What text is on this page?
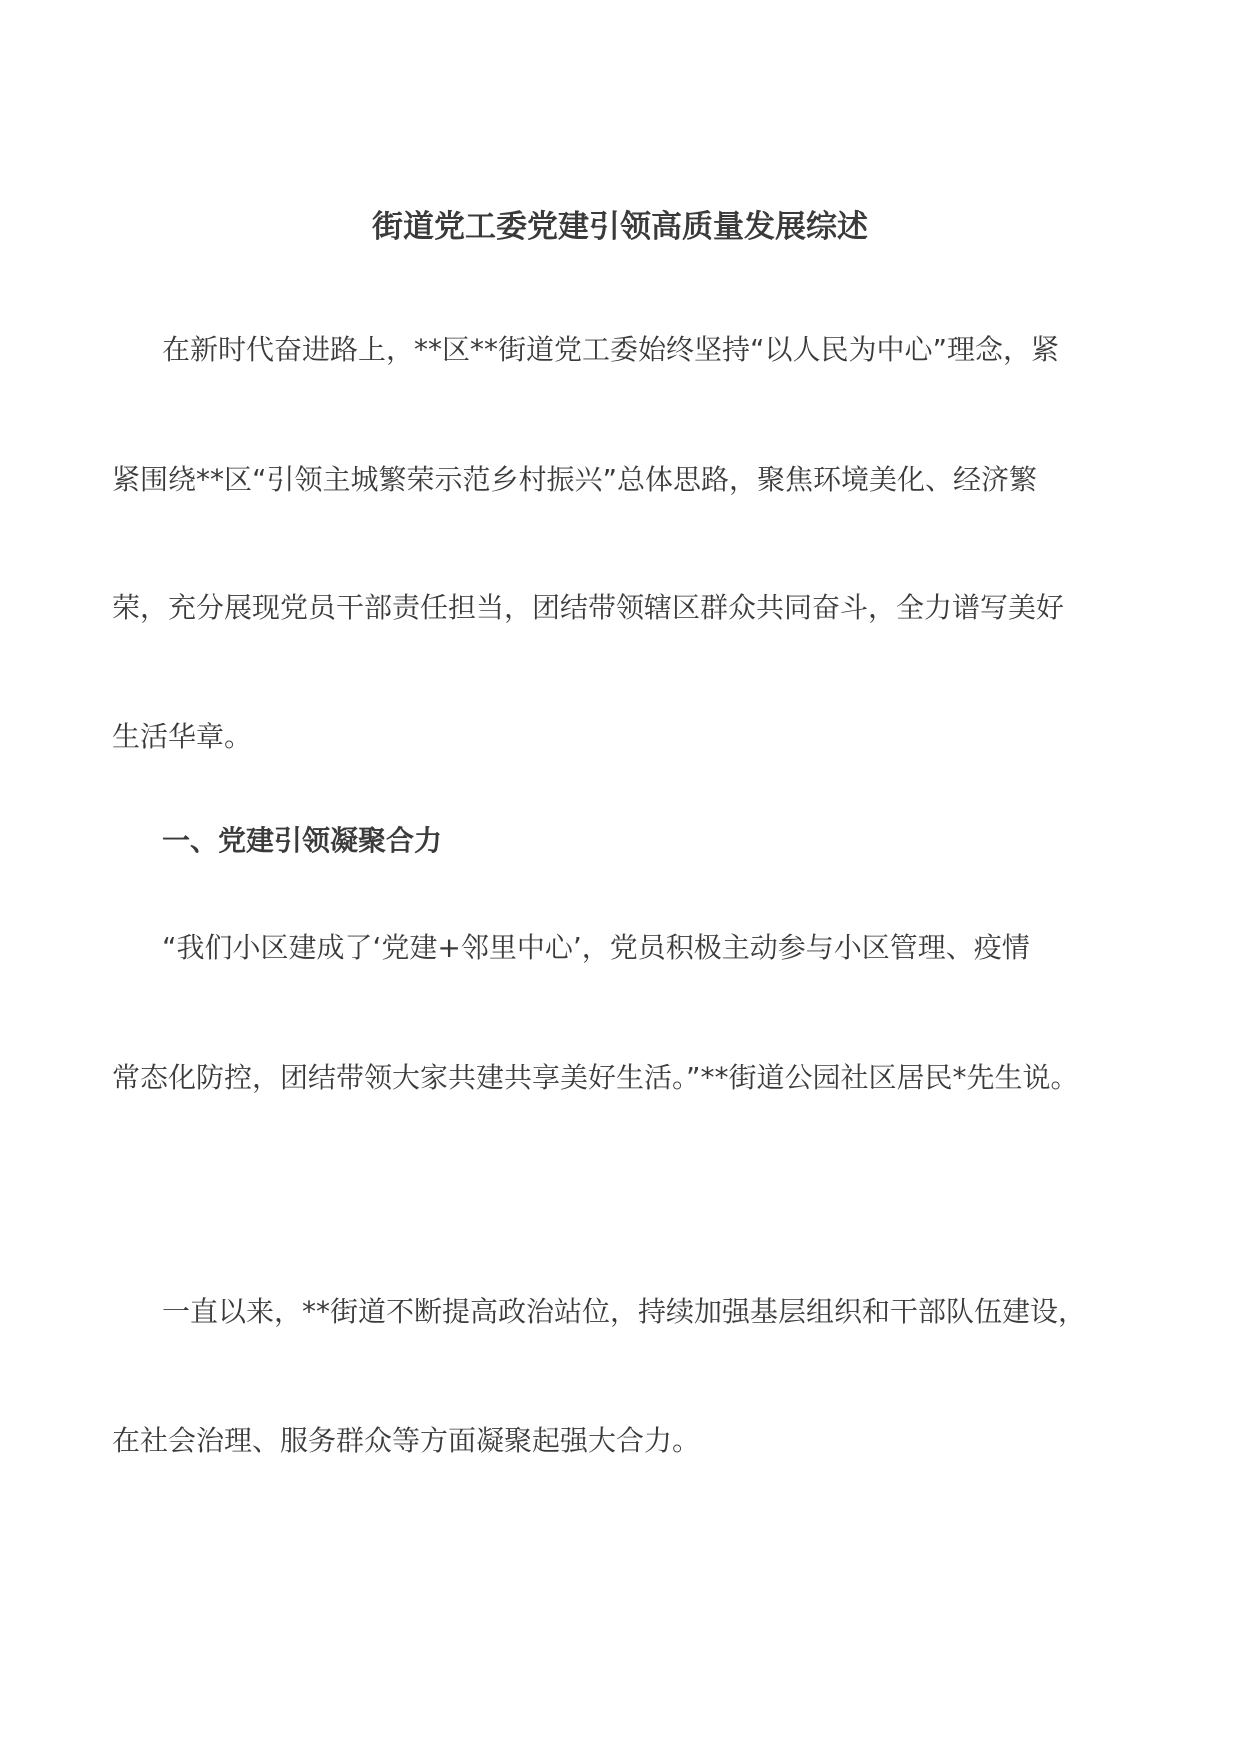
街道党工委党建引领高质量发展综述
在新时代奋进路上，**区**街道党工委始终坚持“以人民为中心”理念，紧
紧围绕**区“引领主城繁荣示范乡村振兴”总体思路，聚焦环境美化、经济繁
荣，充分展现党员干部责任担当，团结带领辖区群众共同奋斗，全力谱写美好
生活华章。
一、党建引领凝聚合力
“我们小区建成了‘党建+邻里中心’，党员积极主动参与小区管理、疫情
常态化防控，团结带领大家共建共享美好生活。”**街道公园社区居民*先生说。
一直以来，**街道不断提高政治站位，持续加强基层组织和干部队伍建设，
在社会治理、服务群众等方面凝聚起强大合力。
